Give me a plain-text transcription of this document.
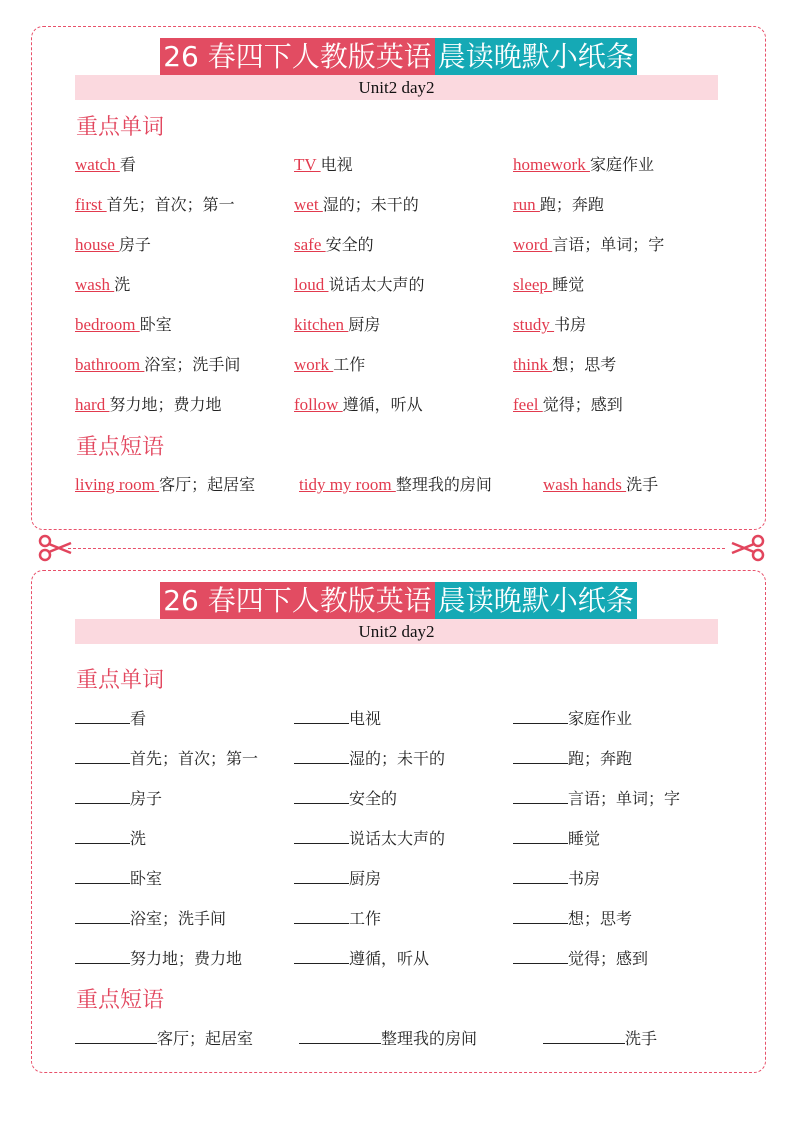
26 春四下人教版英语 晨读晚默小纸条
Unit2 day2
重点单词
watch 看	TV 电视	homework 家庭作业
first 首先；首次；第一	wet 湿的；未干的	run 跑；奔跑
house 房子	safe 安全的	word 言语；单词；字
wash 洗	loud 说话太大声的	sleep 睡觉
bedroom 卧室	kitchen 厨房	study 书房
bathroom 浴室；洗手间	work 工作	think 想；思考
hard 努力地；费力地	follow 遵循，听从	feel 觉得；感到
重点短语
living room 客厅；起居室	tidy my room 整理我的房间	wash hands 洗手
26 春四下人教版英语 晨读晚默小纸条
Unit2 day2
重点单词
看	电视	家庭作业
首先；首次；第一	湿的；未干的	跑；奔跑
房子	安全的	言语；单词；字
洗	说话太大声的	睡觉
卧室	厨房	书房
浴室；洗手间	工作	想；思考
努力地；费力地	遵循，听从	觉得；感到
重点短语
客厅；起居室	整理我的房间	洗手
